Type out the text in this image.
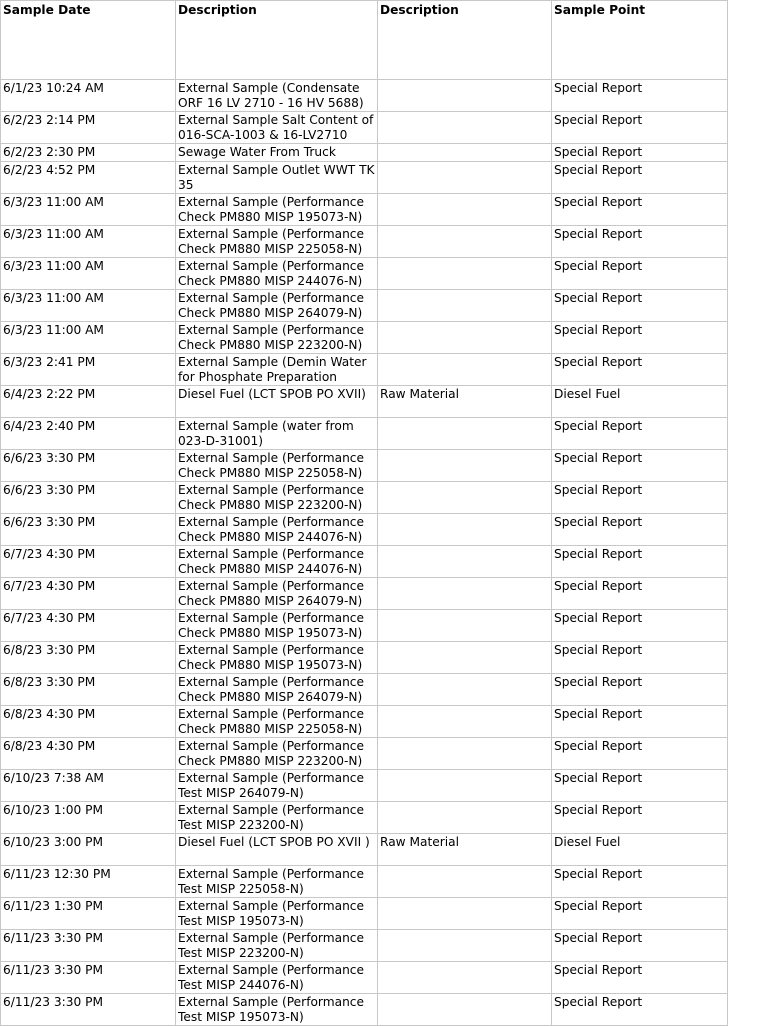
Sample Date	Description	Description	Sample Point
6/1/23 10:24 AM	External Sample (Condensate ORF 16 LV 2710 - 16 HV 5688)		Special Report
6/2/23 2:14 PM	External Sample Salt Content of 016-SCA-1003 & 16-LV2710		Special Report
6/2/23 2:30 PM	Sewage Water From Truck		Special Report
6/2/23 4:52 PM	External Sample Outlet WWT TK 35		Special Report
6/3/23 11:00 AM	External Sample (Performance Check PM880 MISP 195073-N)		Special Report
6/3/23 11:00 AM	External Sample (Performance Check PM880 MISP 225058-N)		Special Report
6/3/23 11:00 AM	External Sample (Performance Check PM880 MISP 244076-N)		Special Report
6/3/23 11:00 AM	External Sample (Performance Check PM880 MISP 264079-N)		Special Report
6/3/23 11:00 AM	External Sample (Performance Check PM880 MISP 223200-N)		Special Report
6/3/23 2:41 PM	External Sample (Demin Water for Phosphate Preparation		Special Report
6/4/23 2:22 PM	Diesel Fuel (LCT SPOB PO XVII)	Raw Material	Diesel Fuel
6/4/23 2:40 PM	External Sample (water from 023-D-31001)		Special Report
6/6/23 3:30 PM	External Sample (Performance Check PM880 MISP 225058-N)		Special Report
6/6/23 3:30 PM	External Sample (Performance Check PM880 MISP 223200-N)		Special Report
6/6/23 3:30 PM	External Sample (Performance Check PM880 MISP 244076-N)		Special Report
6/7/23 4:30 PM	External Sample (Performance Check PM880 MISP 244076-N)		Special Report
6/7/23 4:30 PM	External Sample (Performance Check PM880 MISP 264079-N)		Special Report
6/7/23 4:30 PM	External Sample (Performance Check PM880 MISP 195073-N)		Special Report
6/8/23 3:30 PM	External Sample (Performance Check PM880 MISP 195073-N)		Special Report
6/8/23 3:30 PM	External Sample (Performance Check PM880 MISP 264079-N)		Special Report
6/8/23 4:30 PM	External Sample (Performance Check PM880 MISP 225058-N)		Special Report
6/8/23 4:30 PM	External Sample (Performance Check PM880 MISP 223200-N)		Special Report
6/10/23 7:38 AM	External Sample (Performance Test MISP 264079-N)		Special Report
6/10/23 1:00 PM	External Sample (Performance Test MISP 223200-N)		Special Report
6/10/23 3:00 PM	Diesel Fuel (LCT SPOB PO XVII )	Raw Material	Diesel Fuel
6/11/23 12:30 PM	External Sample (Performance Test MISP 225058-N)		Special Report
6/11/23 1:30 PM	External Sample (Performance Test MISP 195073-N)		Special Report
6/11/23 3:30 PM	External Sample (Performance Test MISP 223200-N)		Special Report
6/11/23 3:30 PM	External Sample (Performance Test MISP 244076-N)		Special Report
6/11/23 3:30 PM	External Sample (Performance Test MISP 195073-N)		Special Report
